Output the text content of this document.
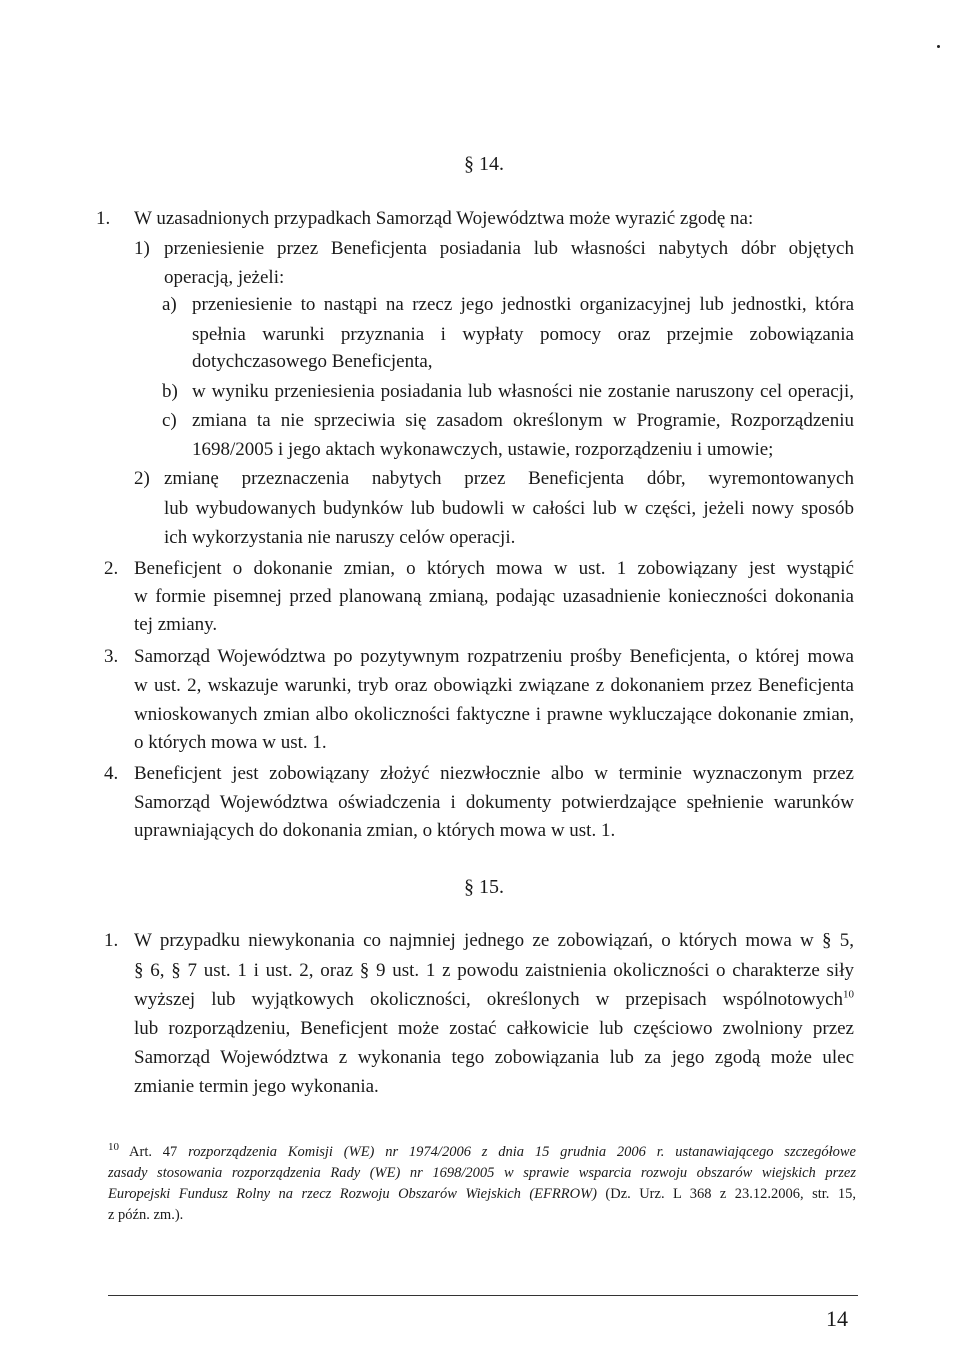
§ 14.
1. W uzasadnionych przypadkach Samorząd Województwa może wyrazić zgodę na:
1) przeniesienie przez Beneficjenta posiadania lub własności nabytych dóbr objętych
operacją, jeżeli:
a) przeniesienie to nastąpi na rzecz jego jednostki organizacyjnej lub jednostki, która
spełnia warunki przyznania i wypłaty pomocy oraz przejmie zobowiązania
dotychczasowego Beneficjenta,
b) w wyniku przeniesienia posiadania lub własności nie zostanie naruszony cel operacji,
c) zmiana ta nie sprzeciwia się zasadom określonym w Programie, Rozporządzeniu
1698/2005 i jego aktach wykonawczych, ustawie, rozporządzeniu i umowie;
2) zmianę przeznaczenia nabytych przez Beneficjenta dóbr, wyremontowanych
lub wybudowanych budynków lub budowli w całości lub w części, jeżeli nowy sposób
ich wykorzystania nie naruszy celów operacji.
2. Beneficjent o dokonanie zmian, o których mowa w ust. 1 zobowiązany jest wystąpić
w formie pisemnej przed planowaną zmianą, podając uzasadnienie konieczności dokonania
tej zmiany.
3. Samorząd Województwa po pozytywnym rozpatrzeniu prośby Beneficjenta, o której mowa
w ust. 2, wskazuje warunki, tryb oraz obowiązki związane z dokonaniem przez Beneficjenta
wnioskowanych zmian albo okoliczności faktyczne i prawne wykluczające dokonanie zmian,
o których mowa w ust. 1.
4. Beneficjent jest zobowiązany złożyć niezwłocznie albo w terminie wyznaczonym przez
Samorząd Województwa oświadczenia i dokumenty potwierdzające spełnienie warunków
uprawniających do dokonania zmian, o których mowa w ust. 1.
§ 15.
1. W przypadku niewykonania co najmniej jednego ze zobowiązań, o których mowa w § 5,
§ 6, § 7 ust. 1 i ust. 2, oraz § 9 ust. 1 z powodu zaistnienia okoliczności o charakterze siły
wyższej lub wyjątkowych okoliczności, określonych w przepisach wspólnotowych$^{10}$
lub rozporządzeniu, Beneficjent może zostać całkowicie lub częściowo zwolniony przez
Samorząd Województwa z wykonania tego zobowiązania lub za jego zgodą może ulec
zmianie termin jego wykonania.
$^{10}$ Art. 47 rozporządzenia Komisji (WE) nr 1974/2006 z dnia 15 grudnia 2006 r. ustanawiającego szczegółowe
zasady stosowania rozporządzenia Rady (WE) nr 1698/2005 w sprawie wsparcia rozwoju obszarów wiejskich przez
Europejski Fundusz Rolny na rzecz Rozwoju Obszarów Wiejskich (EFRROW) (Dz. Urz. L 368 z 23.12.2006, str. 15,
z późn. zm.).
14
